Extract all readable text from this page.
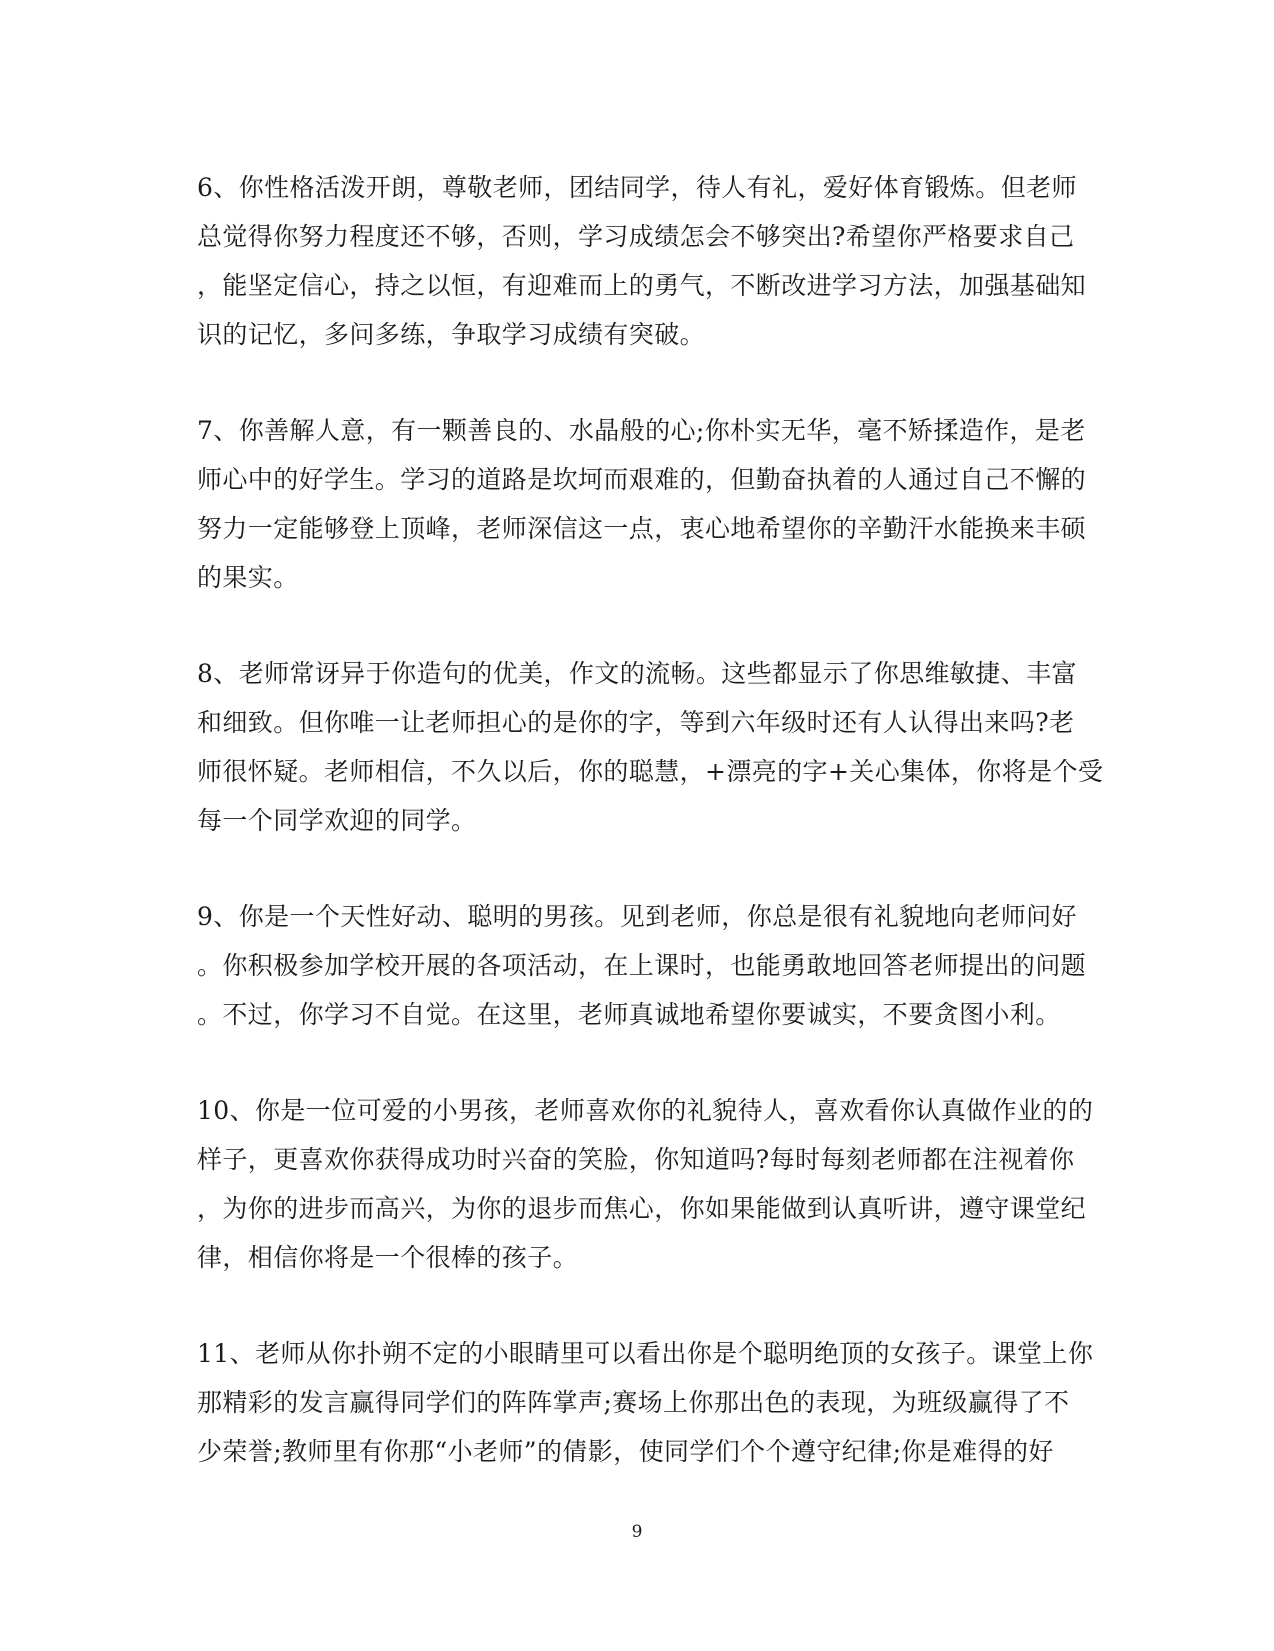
6、你性格活泼开朗，尊敬老师，团结同学，待人有礼，爱好体育锻炼。但老师
总觉得你努力程度还不够，否则，学习成绩怎会不够突出?希望你严格要求自己
，能坚定信心，持之以恒，有迎难而上的勇气，不断改进学习方法，加强基础知
识的记忆，多问多练，争取学习成绩有突破。

7、你善解人意，有一颗善良的、水晶般的心;你朴实无华，毫不矫揉造作，是老
师心中的好学生。学习的道路是坎坷而艰难的，但勤奋执着的人通过自己不懈的
努力一定能够登上顶峰，老师深信这一点，衷心地希望你的辛勤汗水能换来丰硕
的果实。

8、老师常讶异于你造句的优美，作文的流畅。这些都显示了你思维敏捷、丰富
和细致。但你唯一让老师担心的是你的字，等到六年级时还有人认得出来吗?老
师很怀疑。老师相信，不久以后，你的聪慧，+漂亮的字+关心集体，你将是个受
每一个同学欢迎的同学。

9、你是一个天性好动、聪明的男孩。见到老师，你总是很有礼貌地向老师问好
。你积极参加学校开展的各项活动，在上课时，也能勇敢地回答老师提出的问题
。不过，你学习不自觉。在这里，老师真诚地希望你要诚实，不要贪图小利。

10、你是一位可爱的小男孩，老师喜欢你的礼貌待人，喜欢看你认真做作业的的
样子，更喜欢你获得成功时兴奋的笑脸，你知道吗?每时每刻老师都在注视着你
，为你的进步而高兴，为你的退步而焦心，你如果能做到认真听讲，遵守课堂纪
律，相信你将是一个很棒的孩子。

11、老师从你扑朔不定的小眼睛里可以看出你是个聪明绝顶的女孩子。课堂上你
那精彩的发言赢得同学们的阵阵掌声;赛场上你那出色的表现，为班级赢得了不
少荣誉;教师里有你那“小老师”的倩影，使同学们个个遵守纪律;你是难得的好

9
